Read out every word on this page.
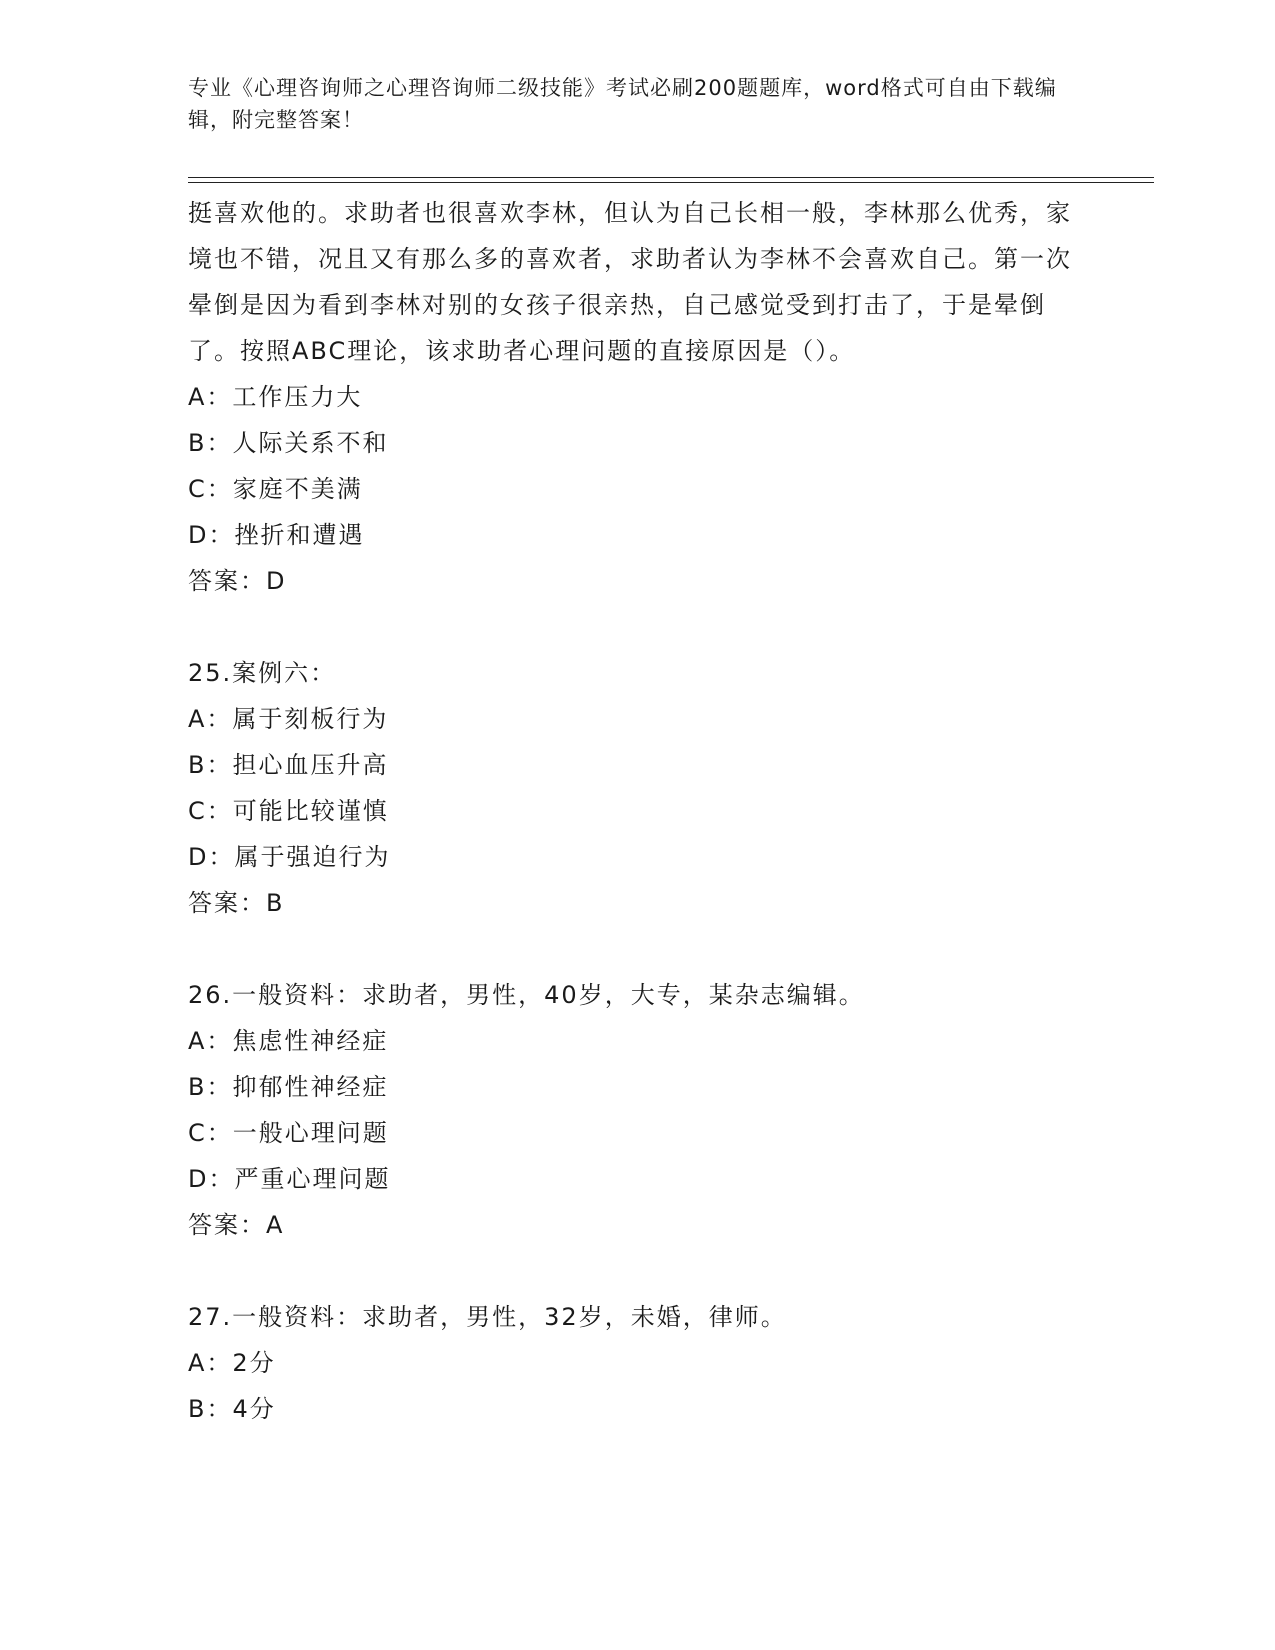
专业《心理咨询师之心理咨询师二级技能》考试必刷200题题库，word格式可自由下载编辑，附完整答案！

挺喜欢他的。求助者也很喜欢李林，但认为自己长相一般，李林那么优秀，家境也不错，况且又有那么多的喜欢者，求助者认为李林不会喜欢自己。第一次晕倒是因为看到李林对别的女孩子很亲热，自己感觉受到打击了，于是晕倒了。按照ABC理论，该求助者心理问题的直接原因是（）。

A：工作压力大

B：人际关系不和

C：家庭不美满

D：挫折和遭遇

答案：D

25.案例六：

A：属于刻板行为

B：担心血压升高

C：可能比较谨慎

D：属于强迫行为

答案：B

26.一般资料：求助者，男性，40岁，大专，某杂志编辑。

A：焦虑性神经症

B：抑郁性神经症

C：一般心理问题

D：严重心理问题

答案：A

27.一般资料：求助者，男性，32岁，未婚，律师。

A：2分

B：4分
